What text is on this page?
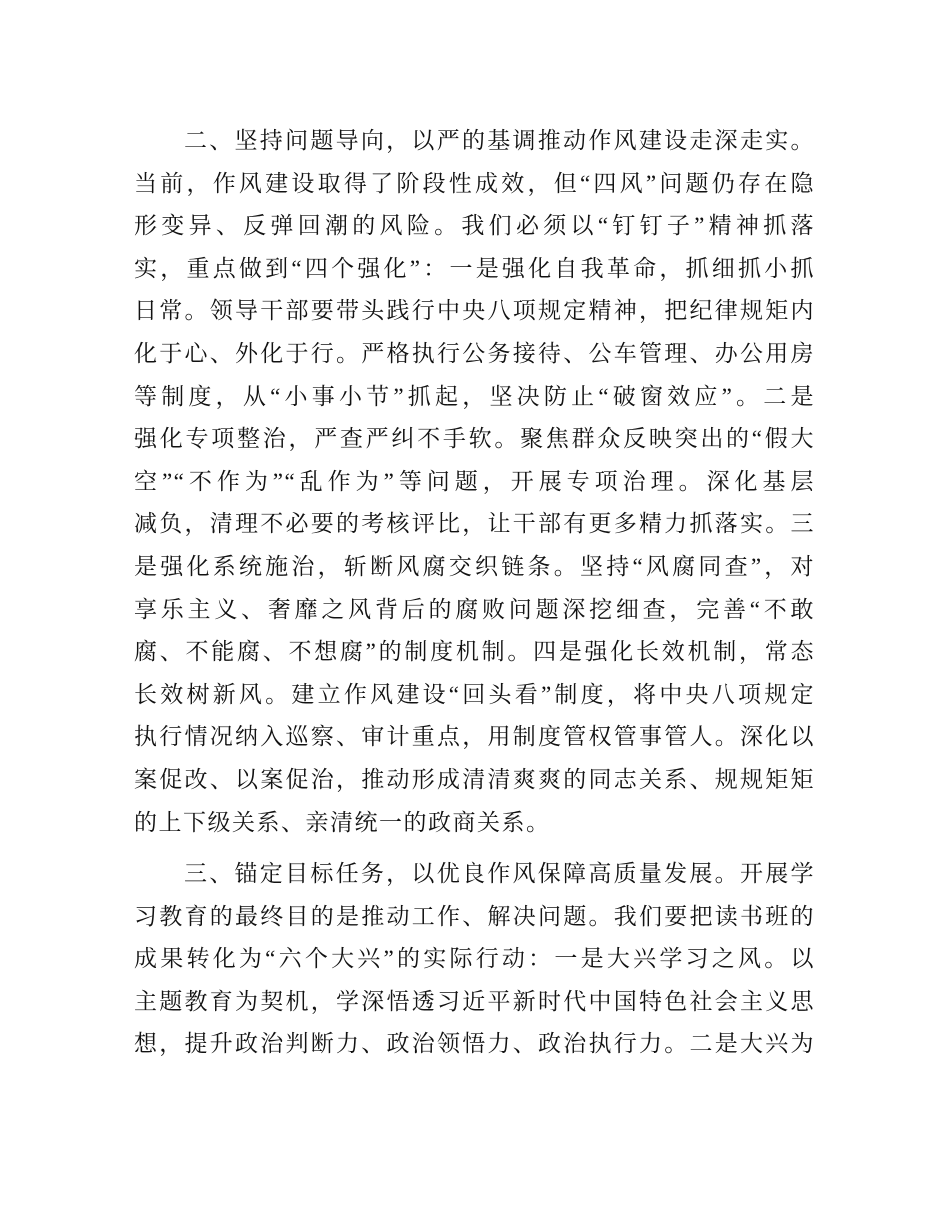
二、坚持问题导向，以严的基调推动作风建设走深走实。
当前，作风建设取得了阶段性成效，但“四风”问题仍存在隐
形变异、反弹回潮的风险。我们必须以“钉钉子”精神抓落
实，重点做到“四个强化”：一是强化自我革命，抓细抓小抓
日常。领导干部要带头践行中央八项规定精神，把纪律规矩内
化于心、外化于行。严格执行公务接待、公车管理、办公用房
等制度，从“小事小节”抓起，坚决防止“破窗效应”。二是
强化专项整治，严查严纠不手软。聚焦群众反映突出的“假大
空”“不作为”“乱作为”等问题，开展专项治理。深化基层
减负，清理不必要的考核评比，让干部有更多精力抓落实。三
是强化系统施治，斩断风腐交织链条。坚持“风腐同查”，对
享乐主义、奢靡之风背后的腐败问题深挖细查，完善“不敢
腐、不能腐、不想腐”的制度机制。四是强化长效机制，常态
长效树新风。建立作风建设“回头看”制度，将中央八项规定
执行情况纳入巡察、审计重点，用制度管权管事管人。深化以
案促改、以案促治，推动形成清清爽爽的同志关系、规规矩矩
的上下级关系、亲清统一的政商关系。
三、锚定目标任务，以优良作风保障高质量发展。开展学
习教育的最终目的是推动工作、解决问题。我们要把读书班的
成果转化为“六个大兴”的实际行动：一是大兴学习之风。以
主题教育为契机，学深悟透习近平新时代中国特色社会主义思
想，提升政治判断力、政治领悟力、政治执行力。二是大兴为
